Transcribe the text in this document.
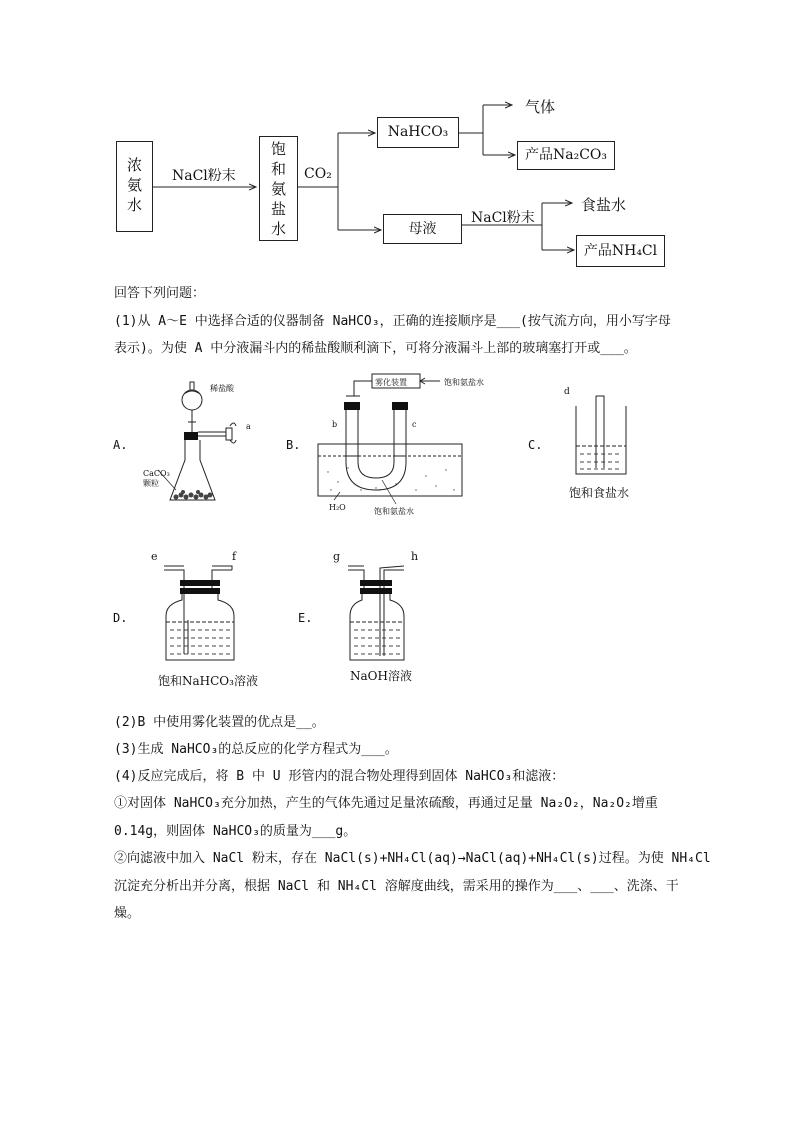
浓
氨
水
NaCl粉末
饱
和
氨
盐
水
CO₂
NaHCO₃
气体
产品Na₂CO₃
母液
NaCl粉末
食盐水
产品NH₄Cl
回答下列问题：
(1)从 A～E 中选择合适的仪器制备 NaHCO₃，正确的连接顺序是___(按气流方向，用小写字母
表示)。为使 A 中分液漏斗内的稀盐酸顺利滴下，可将分液漏斗上部的玻璃塞打开或___。
A.
稀盐酸
a
CaCO₃
颗粒
B.
雾化装置	饱和氨盐水
b	c
H₂O	饱和氨盐水
C.
d
饱和食盐水
D.
e	f
饱和NaHCO₃溶液
E.
g	h
NaOH溶液
(2)B 中使用雾化装置的优点是__。
(3)生成 NaHCO₃的总反应的化学方程式为___。
(4)反应完成后，将 B 中 U 形管内的混合物处理得到固体 NaHCO₃和滤液：
①对固体 NaHCO₃充分加热，产生的气体先通过足量浓硫酸，再通过足量 Na₂O₂，Na₂O₂增重
0.14g，则固体 NaHCO₃的质量为___g。
②向滤液中加入 NaCl 粉末，存在 NaCl(s)+NH₄Cl(aq)→NaCl(aq)+NH₄Cl(s)过程。为使 NH₄Cl
沉淀充分析出并分离，根据 NaCl 和 NH₄Cl 溶解度曲线，需采用的操作为___、___、洗涤、干
燥。
